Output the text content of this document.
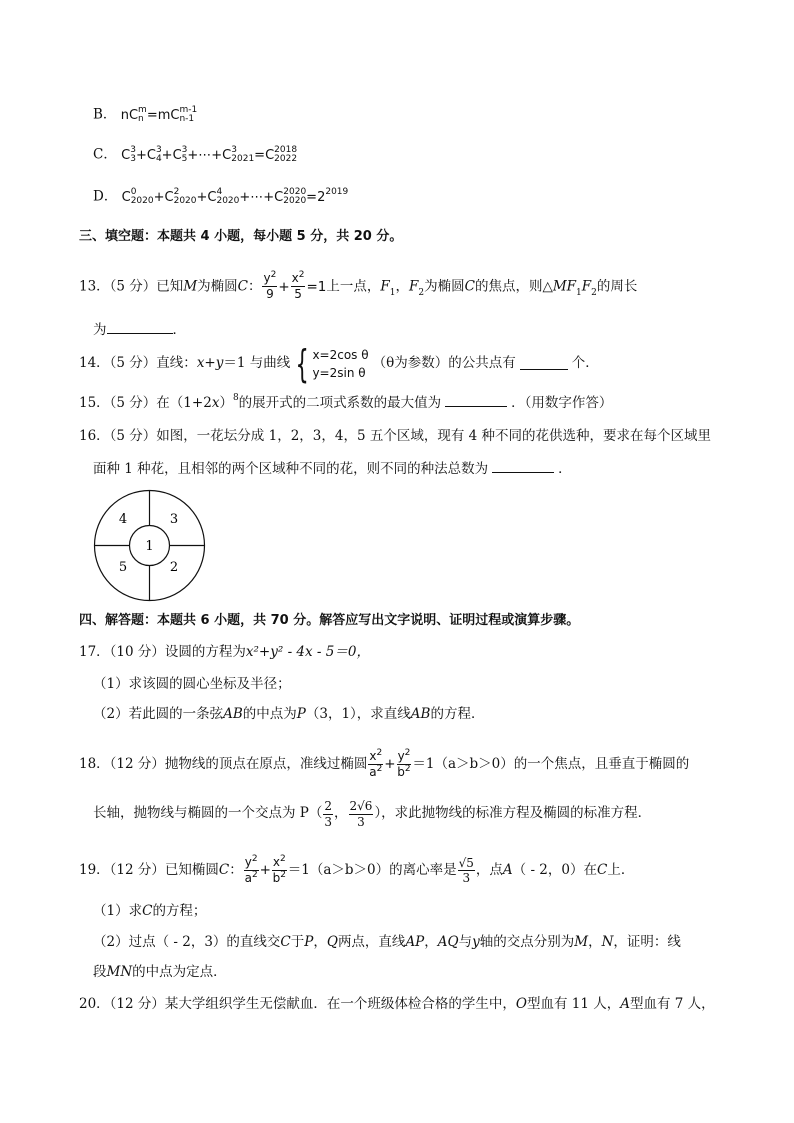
B． nC m
n =mC m-1
n-1
C． C 3
3 +C 3
4 +C 3
5 +⋯+C 3
2021 =C 2018
2022
D． C 0
2020 +C 2
2020 +C 4
2020 +⋯+C 2020
$2020 =2^{2019}$
三、填空题：本题共 4 小题，每小题 5 分，共 20 分。
13．（5 分）已知M为椭圆C： $\frac{y^2}{9} + \frac{x^2}{5} =1$上一点，$F_1$，$F_2$为椭圆C的焦点，则$\triangle MF_1F_2$的周长
为	．
14．（5 分）直线： x+y ＝1 与曲线 { x=2cos θ
y=2sin θ
（θ为参数）的公共点有	个．
15．（5 分）在$(1+2x)^8$的展开式的二项式系数的最大值为	．（用数字作答）
16．（5 分）如图，一花坛分成 1，2，3，4，5 五个区域，现有 4 种不同的花供选种，要求在每个区域里
面种 1 种花，且相邻的两个区域种不同的花，则不同的种法总数为	．
1
2
3
4
5
四、解答题：本题共 6 小题，共 70 分。解答应写出文字说明、证明过程或演算步骤。
17．（10 分）设圆的方程为x²+y² - 4x - 5＝0，
（1）求该圆的圆心坐标及半径；
（2）若此圆的一条弦AB的中点为P（3，1），求直线AB的方程．
18．（12 分）抛物线的顶点在原点，准线过椭圆 $\frac{x^2}{a^2} + \frac{y^2}{b^2} =1(a>b>0)$的一个焦点，且垂直于椭圆的
长轴，抛物线与椭圆的一个交点为 $P( \frac{2}{3}$ ， $\frac{2√6}{3}$ ），求此抛物线的标准方程及椭圆的标准方程．
19．（12 分）已知椭圆 C ： $\frac{y^2}{a^2} + \frac{x^2}{b^2} =1(a>b>0)$的离心率是 $\frac{√5}{3}$ ，点 A （ - 2，0）在 C 上．
（1）求C的方程；
（2）过点（ - 2，3）的直线交C于P，Q两点，直线AP，AQ与y轴的交点分别为M，N，证明：线
段MN的中点为定点．
20．（12 分）某大学组织学生无偿献血．在一个班级体检合格的学生中，O型血有 11 人，A型血有 7 人，
